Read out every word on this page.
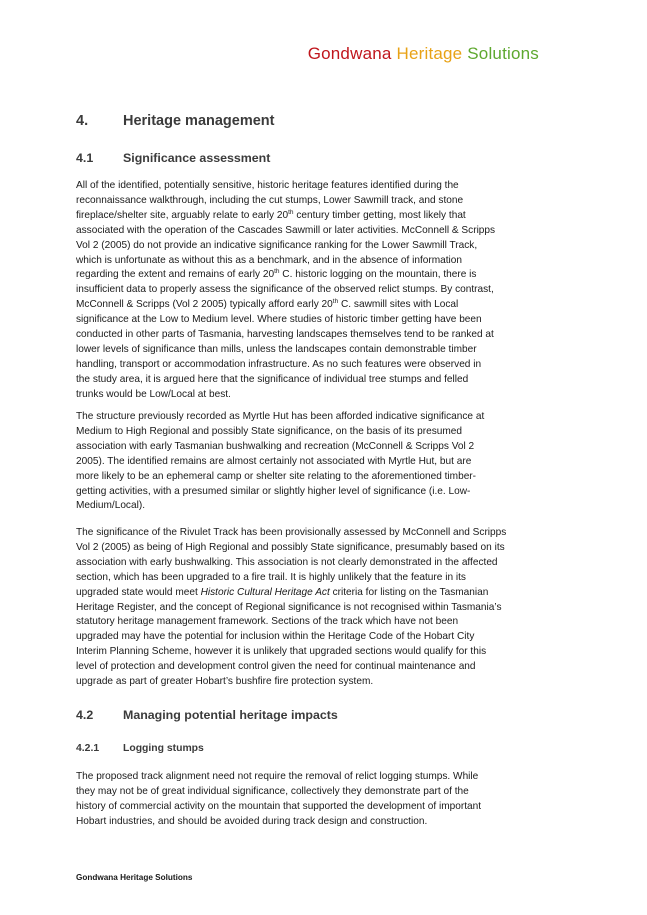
Gondwana Heritage Solutions
4. Heritage management
4.1 Significance assessment
All of the identified, potentially sensitive, historic heritage features identified during the
reconnaissance walkthrough, including the cut stumps, Lower Sawmill track, and stone
fireplace/shelter site, arguably relate to early 20th century timber getting, most likely that
associated with the operation of the Cascades Sawmill or later activities. McConnell & Scripps
Vol 2 (2005) do not provide an indicative significance ranking for the Lower Sawmill Track,
which is unfortunate as without this as a benchmark, and in the absence of information
regarding the extent and remains of early 20th C. historic logging on the mountain, there is
insufficient data to properly assess the significance of the observed relict stumps. By contrast,
McConnell & Scripps (Vol 2 2005) typically afford early 20th C. sawmill sites with Local
significance at the Low to Medium level. Where studies of historic timber getting have been
conducted in other parts of Tasmania, harvesting landscapes themselves tend to be ranked at
lower levels of significance than mills, unless the landscapes contain demonstrable timber
handling, transport or accommodation infrastructure. As no such features were observed in
the study area, it is argued here that the significance of individual tree stumps and felled
trunks would be Low/Local at best.
The structure previously recorded as Myrtle Hut has been afforded indicative significance at
Medium to High Regional and possibly State significance, on the basis of its presumed
association with early Tasmanian bushwalking and recreation (McConnell & Scripps Vol 2
2005). The identified remains are almost certainly not associated with Myrtle Hut, but are
more likely to be an ephemeral camp or shelter site relating to the aforementioned timber-
getting activities, with a presumed similar or slightly higher level of significance (i.e. Low-
Medium/Local).
The significance of the Rivulet Track has been provisionally assessed by McConnell and Scripps
Vol 2 (2005) as being of High Regional and possibly State significance, presumably based on its
association with early bushwalking. This association is not clearly demonstrated in the affected
section, which has been upgraded to a fire trail. It is highly unlikely that the feature in its
upgraded state would meet Historic Cultural Heritage Act criteria for listing on the Tasmanian
Heritage Register, and the concept of Regional significance is not recognised within Tasmania’s
statutory heritage management framework. Sections of the track which have not been
upgraded may have the potential for inclusion within the Heritage Code of the Hobart City
Interim Planning Scheme, however it is unlikely that upgraded sections would qualify for this
level of protection and development control given the need for continual maintenance and
upgrade as part of greater Hobart’s bushfire fire protection system.
4.2 Managing potential heritage impacts
4.2.1 Logging stumps
The proposed track alignment need not require the removal of relict logging stumps. While
they may not be of great individual significance, collectively they demonstrate part of the
history of commercial activity on the mountain that supported the development of important
Hobart industries, and should be avoided during track design and construction.
Gondwana Heritage Solutions
